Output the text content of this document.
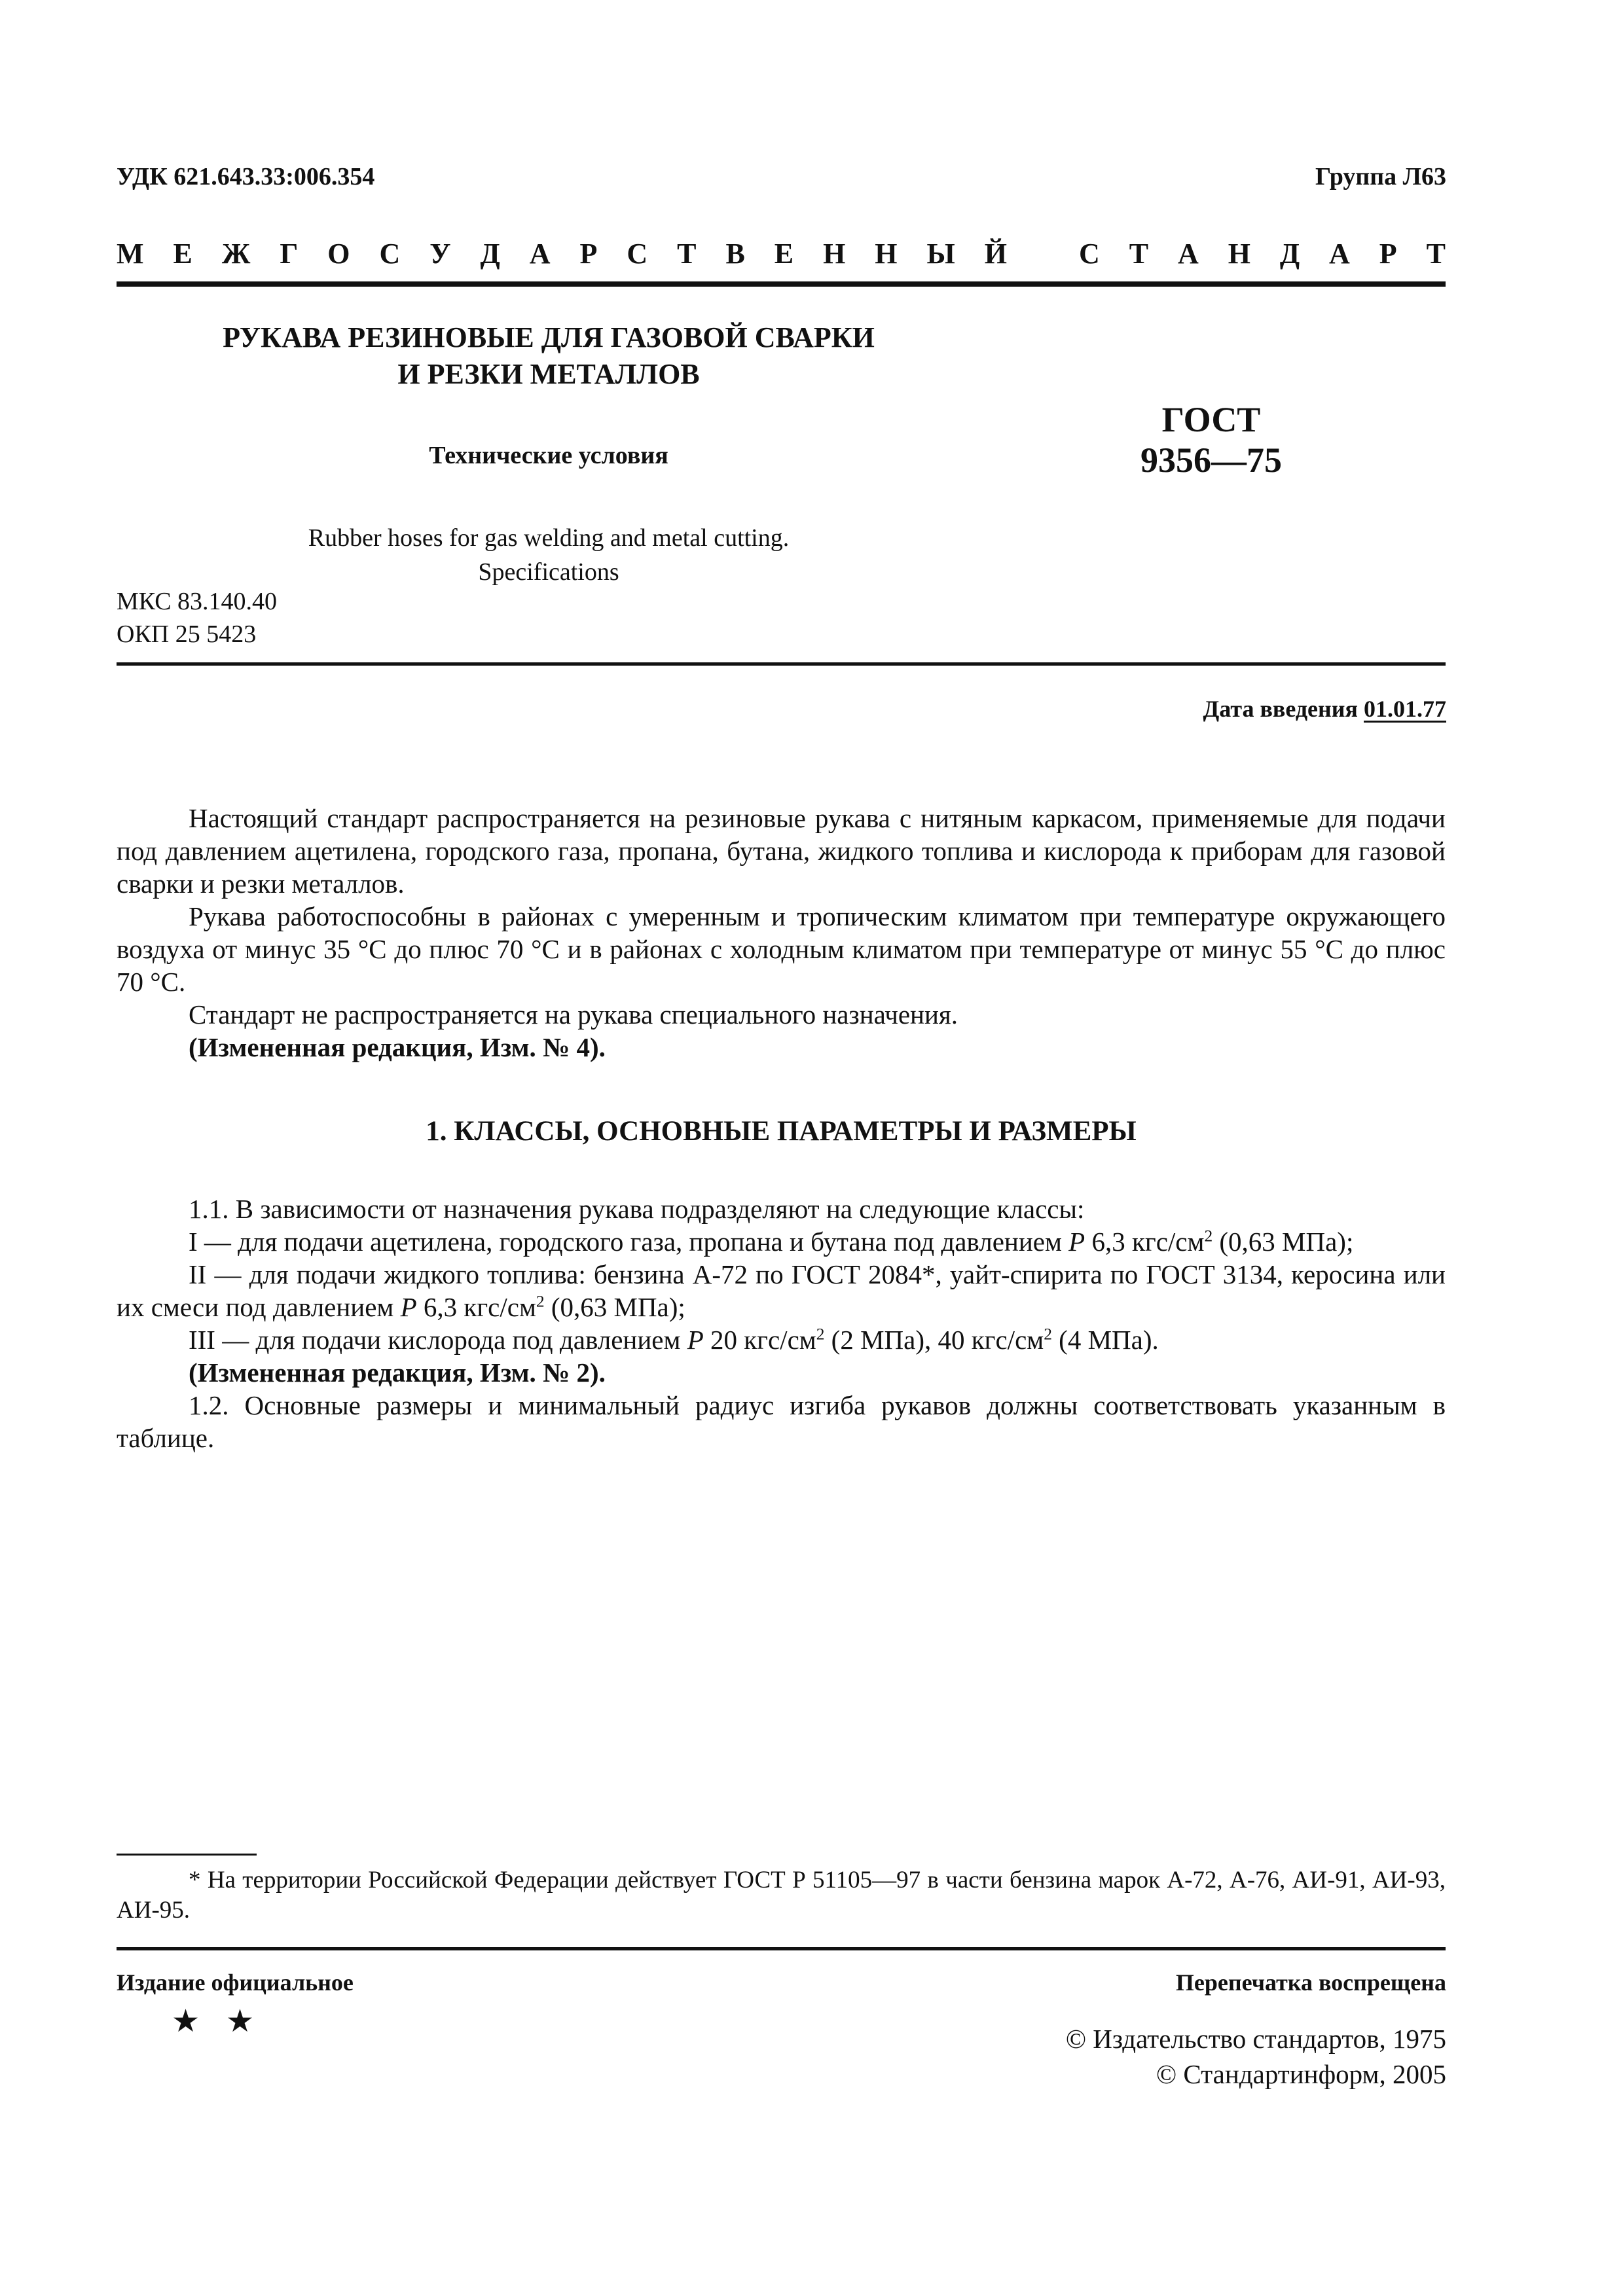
УДК 621.643.33:006.354	Группа Л63
М Е Ж Г О С У Д А Р С Т В Е Н Н Ы Й	С Т А Н Д А Р Т
РУКАВА РЕЗИНОВЫЕ ДЛЯ ГАЗОВОЙ СВАРКИ
И РЕЗКИ МЕТАЛЛОВ
Технические условия
Rubber hoses for gas welding and metal cutting.
Specifications
ГОСТ
9356—75
МКС 83.140.40
ОКП 25 5423
Дата введения 01.01.77

Настоящий стандарт распространяется на резиновые рукава с нитяным каркасом, применяемые для подачи под давлением ацетилена, городского газа, пропана, бутана, жидкого топлива и кислорода к приборам для газовой сварки и резки металлов.

Рукава работоспособны в районах с умеренным и тропическим климатом при температуре окружающего воздуха от минус 35 °С до плюс 70 °С и в районах с холодным климатом при температуре от минус 55 °С до плюс 70 °С.

Стандарт не распространяется на рукава специального назначения.

(Измененная редакция, Изм. № 4).

1. КЛАССЫ, ОСНОВНЫЕ ПАРАМЕТРЫ И РАЗМЕРЫ

1.1. В зависимости от назначения рукава подразделяют на следующие классы:

I — для подачи ацетилена, городского газа, пропана и бутана под давлением Р 6,3 кгс/$см^2$ (0,63 МПа);

II — для подачи жидкого топлива: бензина А-72 по ГОСТ 2084*, уайт-спирита по ГОСТ 3134, керосина или их смеси под давлением Р 6,3 кгс/$см^2$ (0,63 МПа);

III — для подачи кислорода под давлением Р 20 кгс/$см^2$ (2 МПа), 40 кгс/$см^2$ (4 МПа).

(Измененная редакция, Изм. № 2).

1.2. Основные размеры и минимальный радиус изгиба рукавов должны соответствовать указанным в таблице.

* На территории Российской Федерации действует ГОСТ Р 51105—97 в части бензина марок А-72, А-76, АИ-91, АИ-93, АИ-95.

Издание официальное	Перепечатка воспрещена
★★	© Издательство стандартов, 1975
© Стандартинформ, 2005
